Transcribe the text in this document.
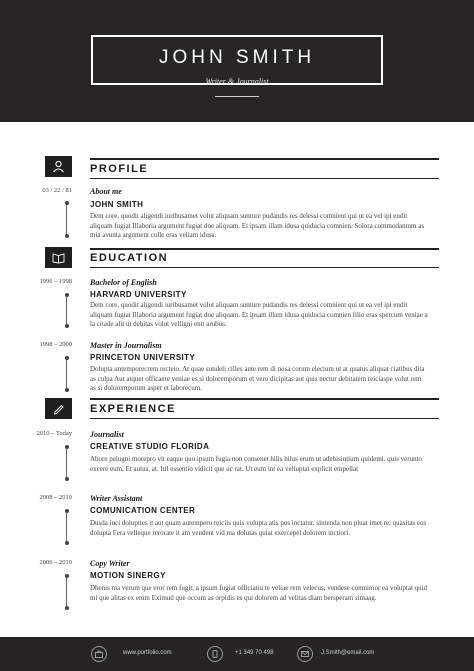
JOHN SMITH
Writer & Journalist
PROFILE
03 / 22 / 81 About me
JOHN SMITH
Dem core, quodit aligendi iuribusamet volut aliquam sunture pudandis res delessi comnient qui ut ea vel ipi endit aliquam fugiat Illaboria argument fugiat doe aliquam. Et ipsam illam idusa quiducia comnien. Solora commodantum as mia avunta argument colle eras veliam idusa.
EDUCATION
1996 – 1998 Bachelor of English
HARVARD UNIVERSITY
Dem core, quodit aligendi iuribusamet volut aliquam sunture pudandis res delessi comnient qui ut ea vel ipi endit aliquam fugiat Illaboria argument fugiat doe aliquam. Et ipsam illam idusa quiducia comnien filio eras spercum veniae a la citade alit ut debitas volut velligni enit arubus.
1998 – 2000 Master in Journalism
PRINCETON UNIVERSITY
Dolupta untemporecrem recteio. At quae sundeli cilles ante rem di nosa corum elecium ut at quatus aliquat ciatibus dita as culpa Aut atquet officaere veniae es si doloremporum et vero dicipitas aut quis nectur debitatem reiciaspe volut rem as si doloremporum asper et laborecum.
EXPERIENCE
2010 – Today Journalist
CREATIVE STUDIO FLORIDA
Abore pelugni morepro vit eaque quo ipsum fugia non consenet hilis hilus erum ut adebisintium quidemi, quis verunto excere eum, Et autus, at. Itil essentio vidicit que uc rat. Ut eum int ea velluptat explicit empellat
2008 – 2010 Writer Assistant
COMUNICATION CENTER
Dusda inci dolupties it aut quam autempero reiciis quis volupta atis pos inctatur, sintenda non pluat imet re, quasitas eos dolupta Fera velleque rerorate it am vendent vid ma dolutas quiat exercepel dolorem inctiori.
2006 – 2010 Copy Writer
MOTION SINERGY
Dhenis ma verum que eror rem fugit, a ipsum fugiat officiatiu te veliae rem velecus, vendese comnimor ea voluptat quid mi que alitas ex enim Eximud que occum as orpidis es qui dolorem ad velitas diam bersperam simaag.
www.portfolio.com	+1 349 70 498	J.Smith@email.com
